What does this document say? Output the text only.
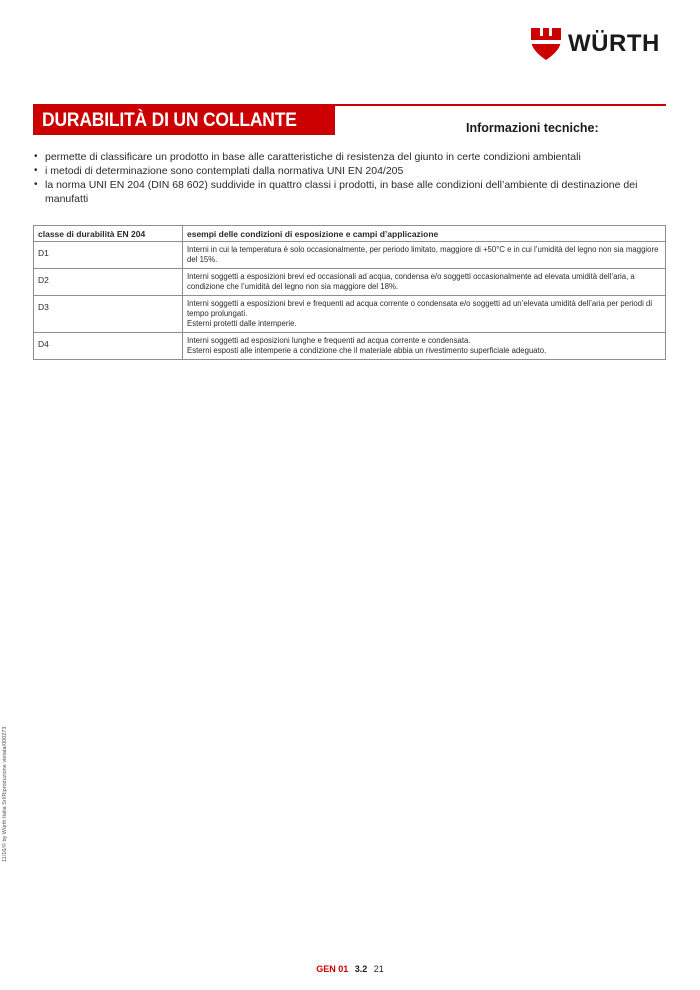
WÜRTH
DURABILITÀ DI UN COLLANTE	Informazioni tecniche:
• permette di classificare un prodotto in base alle caratteristiche di resistenza del giunto in certe condizioni ambientali
• i metodi di determinazione sono contemplati dalla normativa UNI EN 204/205
• la norma UNI EN 204 (DIN 68 602) suddivide in quattro classi i prodotti, in base alle condizioni dell’ambiente di destinazione dei manufatti
classe di durabilità EN 204	esempi delle condizioni di esposizione e campi d’applicazione
D1	Interni in cui la temperatura è solo occasionalmente, per periodo limitato, maggiore di +50°C e in cui l’umidità del legno non sia maggiore del 15%.

D2	Interni soggetti a esposizioni brevi ed occasionali ad acqua, condensa e/o soggetti occasionalmente ad elevata umidità dell’aria, a condizione che l’umidità del legno non sia maggiore del 18%.

D3	Interni soggetti a esposizioni brevi e frequenti ad acqua corrente o condensata e/o soggetti ad un’elevata umidità dell’aria per periodi di tempo prolungati.
Esterni protetti dalle intemperie.

D4	Interni soggetti ad esposizioni lunghe e frequenti ad acqua corrente e condensata.
Esterni esposti alle intemperie a condizione che il materiale abbia un rivestimento superficiale adeguato.
11/16/© by Würth Italia Srl/Riproduzione vietata/000273
GEN 01 3.2 21
